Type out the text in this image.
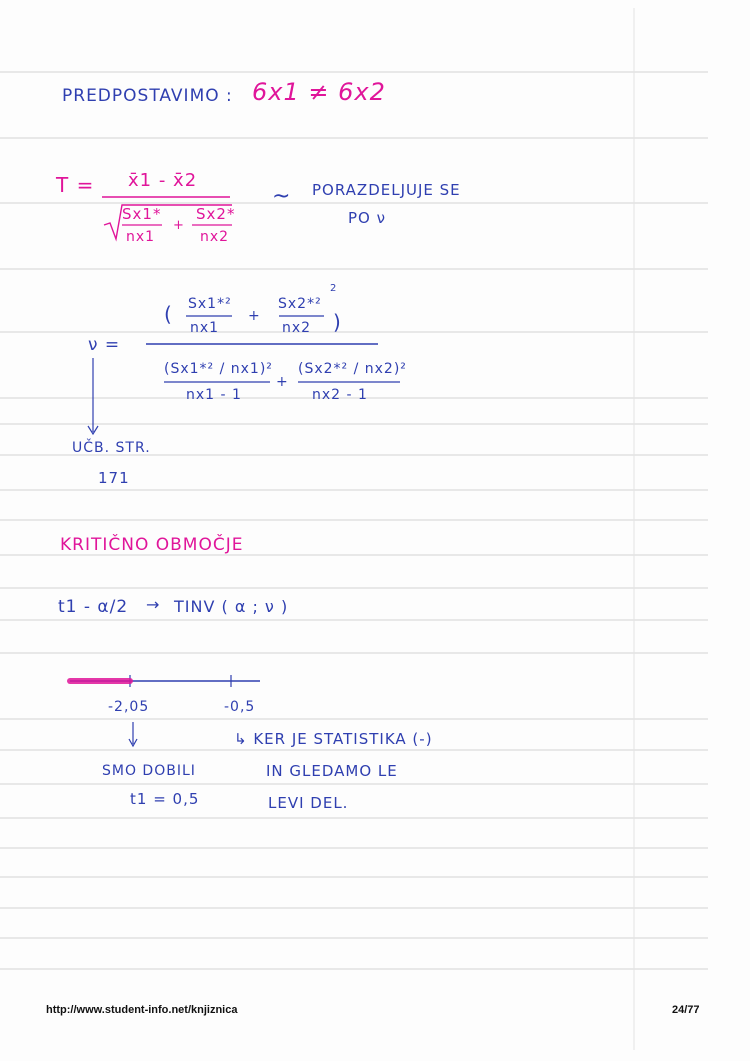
PREDPOSTAVIMO : 6x1 ≠ 6x2
T = x̄1 - x̄2
Sx1*
nx1
+
Sx2*
nx2
~ PORAZDELJUJE SE
PO ν
ν =
( Sx1*²
nx1
+
Sx2*²
nx2 )
2
(Sx1*² / nx1)²
nx1 - 1
+
(Sx2*² / nx2)²
nx2 - 1
UČB. STR.
171
KRITIČNO OBMOČJE
t1 - α/2 → TINV ( α ; ν )
-2,05	-0,5
↳ KER JE STATISTIKA (-)
IN GLEDAMO LE
LEVI DEL.
SMO DOBILI
t1 = 0,5
http://www.student-info.net/knjiznica	24/77
